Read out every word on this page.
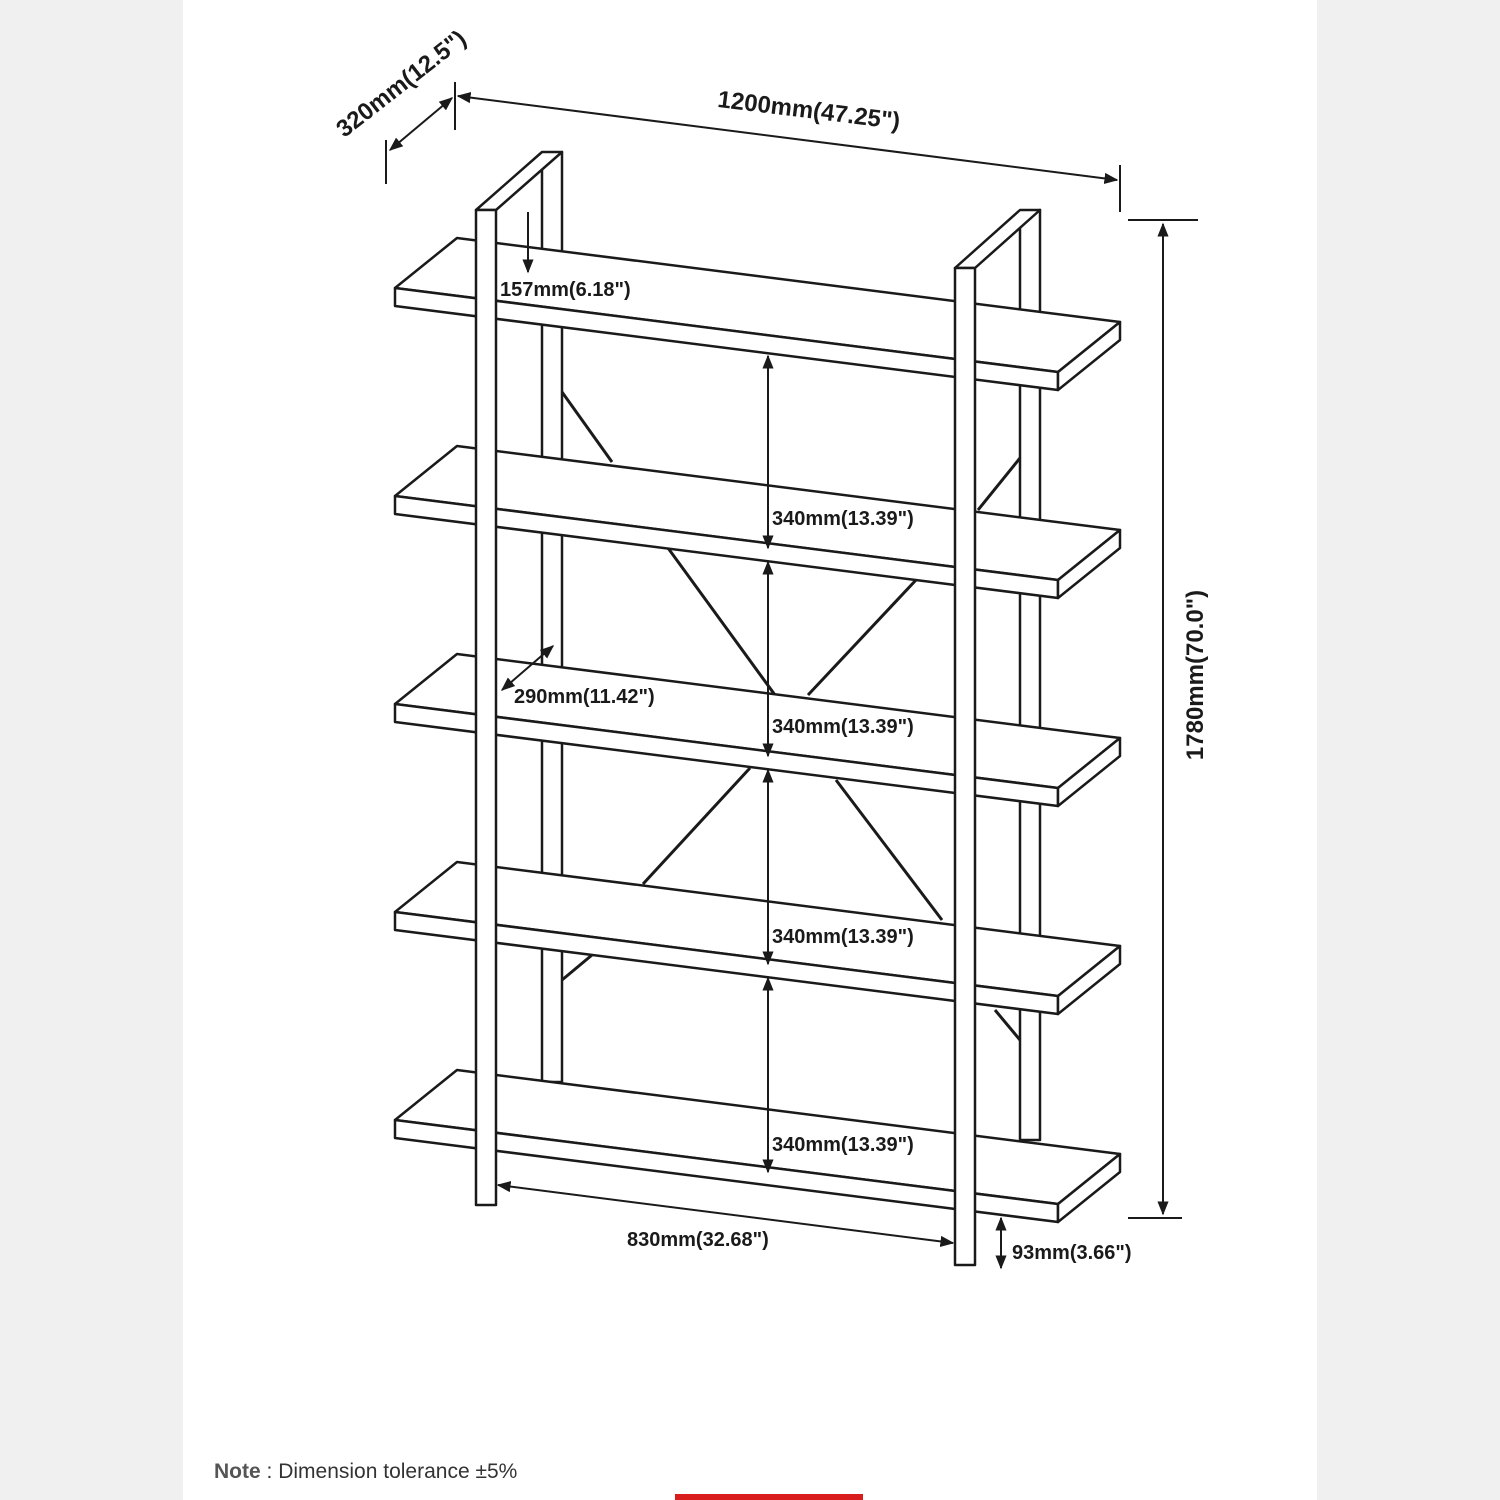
320mm(12.5")	1200mm(47.25")
1780mm(70.0")
157mm(6.18")
340mm(13.39")
340mm(13.39")
340mm(13.39")
340mm(13.39")
290mm(11.42")
830mm(32.68")
93mm(3.66")
Note : Dimension tolerance ±5%
